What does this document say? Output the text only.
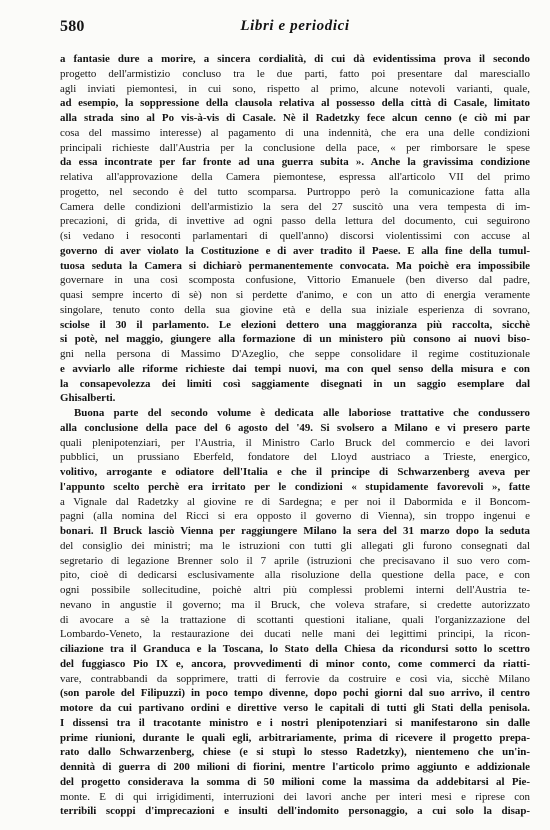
580	Libri e periodici
a fantasie dure a morire, a sincera cordialità, di cui dà evidentissima prova il secondo
progetto dell'armistizio concluso tra le due parti, fatto poi presentare dal maresciallo
agli inviati piemontesi, in cui sono, rispetto al primo, alcune notevoli varianti, quale,
ad esempio, la soppressione della clausola relativa al possesso della città di Casale, limitato
alla strada sino al Po vis-à-vis di Casale. Nè il Radetzky fece alcun cenno (e ciò mi par
cosa del massimo interesse) al pagamento di una indennità, che era una delle condizioni
principali richieste dall'Austria per la conclusione della pace, « per rimborsare le spese
da essa incontrate per far fronte ad una guerra subita ». Anche la gravissima condizione
relativa all'approvazione della Camera piemontese, espressa all'articolo VII del primo
progetto, nel secondo è del tutto scomparsa. Purtroppo però la comunicazione fatta alla
Camera delle condizioni dell'armistizio la sera del 27 suscitò una vera tempesta di im-
precazioni, di grida, di invettive ad ogni passo della lettura del documento, cui seguirono
(si vedano i resoconti parlamentari di quell'anno) discorsi violentissimi con accuse al
governo di aver violato la Costituzione e di aver tradito il Paese. E alla fine della tumul-
tuosa seduta la Camera si dichiarò permanentemente convocata. Ma poichè era impossibile
governare in una così scomposta confusione, Vittorio Emanuele (ben diverso dal padre,
quasi sempre incerto di sè) non si perdette d'animo, e con un atto di energia veramente
singolare, tenuto conto della sua giovine età e della sua iniziale esperienza di sovrano,
sciolse il 30 il parlamento. Le elezioni dettero una maggioranza più raccolta, sicchè
si potè, nel maggio, giungere alla formazione di un ministero più consono ai nuovi biso-
gni nella persona di Massimo D'Azeglio, che seppe consolidare il regime costituzionale
e avviarlo alle riforme richieste dai tempi nuovi, ma con quel senso della misura e con
la consapevolezza dei limiti così saggiamente disegnati in un saggio esemplare dal
Ghisalberti.
Buona parte del secondo volume è dedicata alle laboriose trattative che condussero
alla conclusione della pace del 6 agosto del '49. Si svolsero a Milano e vi presero parte
quali plenipotenziari, per l'Austria, il Ministro Carlo Bruck del commercio e dei lavori
pubblici, un prussiano Eberfeld, fondatore del Lloyd austriaco a Trieste, energico,
volitivo, arrogante e odiatore dell'Italia e che il principe di Schwarzenberg aveva per
l'appunto scelto perchè era irritato per le condizioni « stupidamente favorevoli », fatte
a Vignale dal Radetzky al giovine re di Sardegna; e per noi il Dabormida e il Boncom-
pagni (alla nomina del Ricci si era opposto il governo di Vienna), sin troppo ingenui e
bonari. Il Bruck lasciò Vienna per raggiungere Milano la sera del 31 marzo dopo la seduta
del consiglio dei ministri; ma le istruzioni con tutti gli allegati gli furono consegnati dal
segretario di legazione Brenner solo il 7 aprile (istruzioni che precisavano il suo vero com-
pito, cioè di dedicarsi esclusivamente alla risoluzione della questione della pace, e con
ogni possibile sollecitudine, poichè altri più complessi problemi interni dell'Austria te-
nevano in angustie il governo; ma il Bruck, che voleva strafare, si credette autorizzato
di avocare a sè la trattazione di scottanti questioni italiane, quali l'organizzazione del
Lombardo-Veneto, la restaurazione dei ducati nelle mani dei legittimi principi, la ricon-
ciliazione tra il Granduca e la Toscana, lo Stato della Chiesa da ricondursi sotto lo scettro
del fuggiasco Pio IX e, ancora, provvedimenti di minor conto, come commerci da riatti-
vare, contrabbandi da sopprimere, tratti di ferrovie da costruire e così via, sicchè Milano
(son parole del Filipuzzi) in poco tempo divenne, dopo pochi giorni dal suo arrivo, il centro
motore da cui partivano ordini e direttive verso le capitali di tutti gli Stati della penisola.
I dissensi tra il tracotante ministro e i nostri plenipotenziari si manifestarono sin dalle
prime riunioni, durante le quali egli, arbitrariamente, prima di ricevere il progetto prepa-
rato dallo Schwarzenberg, chiese (e si stupì lo stesso Radetzky), nientemeno che un'in-
dennità di guerra di 200 milioni di fiorini, mentre l'articolo primo aggiunto e addizionale
del progetto considerava la somma di 50 milioni come la massima da addebitarsi al Pie-
monte. E di qui irrigidimenti, interruzioni dei lavori anche per interi mesi e riprese con
terribili scoppi d'imprecazioni e insulti dell'indomito personaggio, a cui solo la disap-
